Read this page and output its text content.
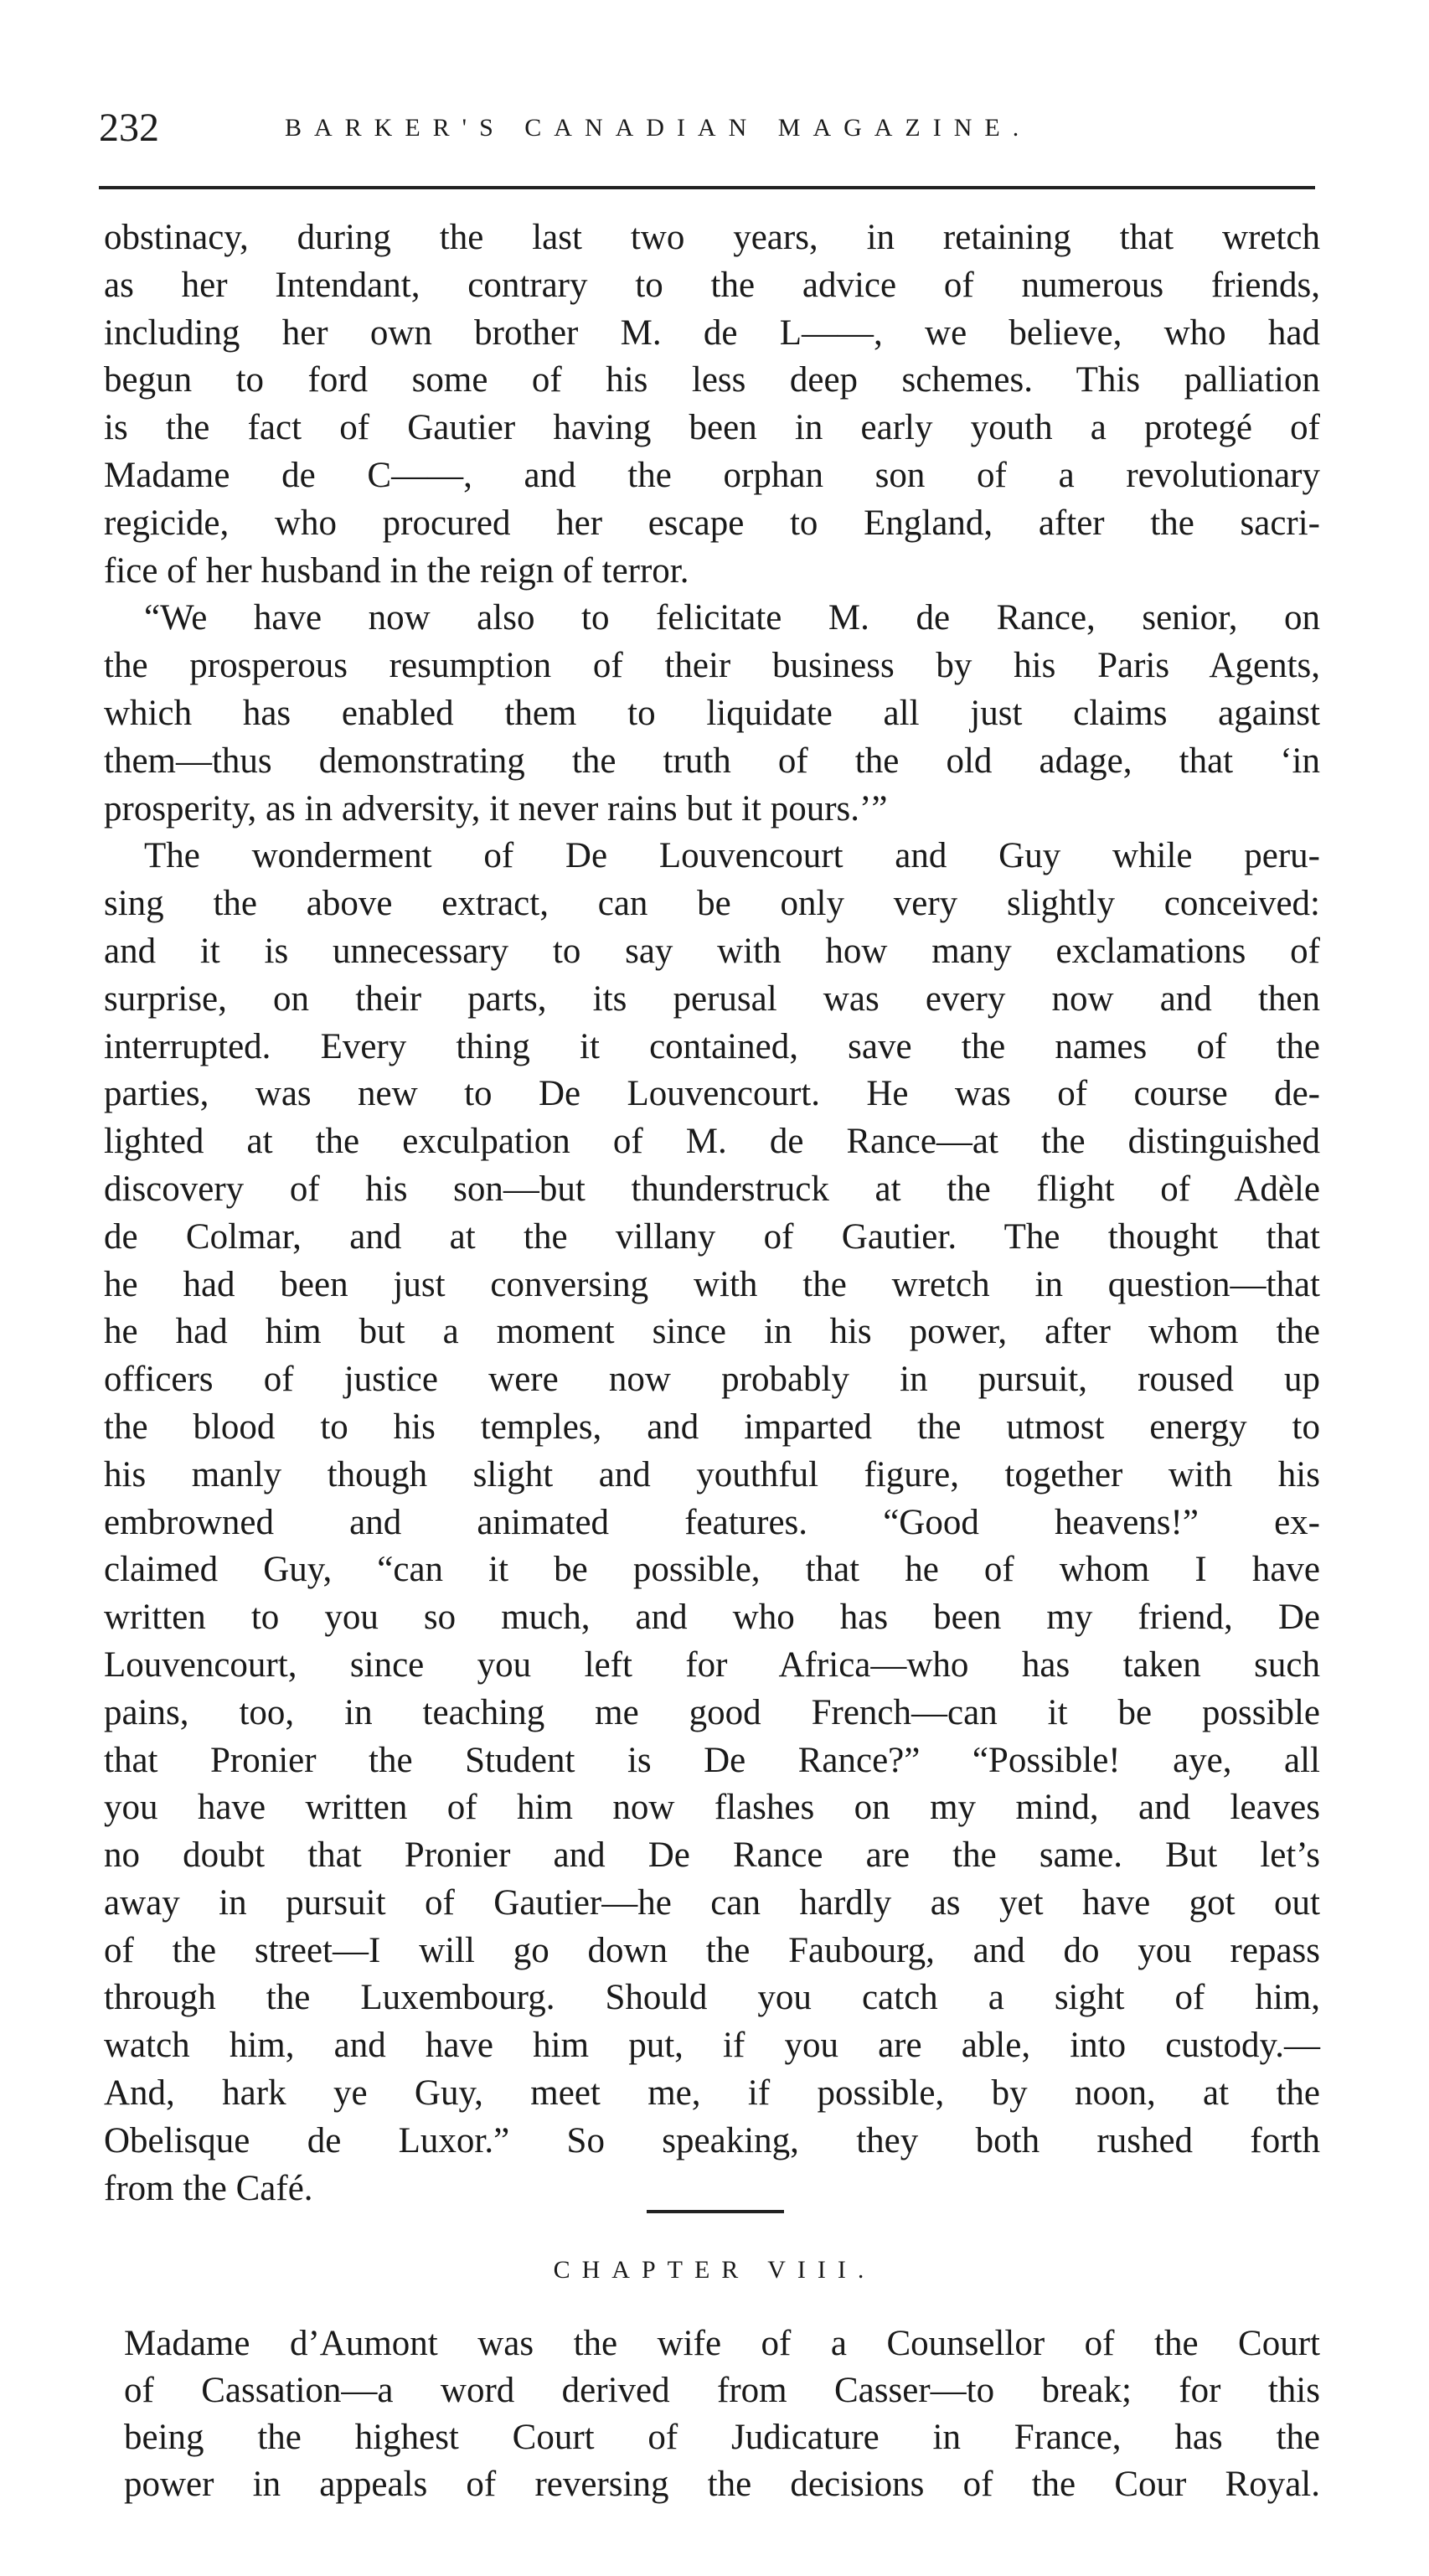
232	BARKER'S CANADIAN MAGAZINE.
obstinacy, during the last two years, in retaining that wretch
as her Intendant, contrary to the advice of numerous friends,
including her own brother M. de L——, we believe, who had
begun to ford some of his less deep schemes. This palliation
is the fact of Gautier having been in early youth a protegé of
Madame de C——, and the orphan son of a revolutionary
regicide, who procured her escape to England, after the sacri-
fice of her husband in the reign of terror.
“We have now also to felicitate M. de Rance, senior, on
the prosperous resumption of their business by his Paris Agents,
which has enabled them to liquidate all just claims against
them—thus demonstrating the truth of the old adage, that ‘in
prosperity, as in adversity, it never rains but it pours.’”
The wonderment of De Louvencourt and Guy while peru-
sing the above extract, can be only very slightly conceived:
and it is unnecessary to say with how many exclamations of
surprise, on their parts, its perusal was every now and then
interrupted. Every thing it contained, save the names of the
parties, was new to De Louvencourt. He was of course de-
lighted at the exculpation of M. de Rance—at the distinguished
discovery of his son—but thunderstruck at the flight of Adèle
de Colmar, and at the villany of Gautier. The thought that
he had been just conversing with the wretch in question—that
he had him but a moment since in his power, after whom the
officers of justice were now probably in pursuit, roused up
the blood to his temples, and imparted the utmost energy to
his manly though slight and youthful figure, together with his
embrowned and animated features. “Good heavens!” ex-
claimed Guy, “can it be possible, that he of whom I have
written to you so much, and who has been my friend, De
Louvencourt, since you left for Africa—who has taken such
pains, too, in teaching me good French—can it be possible
that Pronier the Student is De Rance?” “Possible! aye, all
you have written of him now flashes on my mind, and leaves
no doubt that Pronier and De Rance are the same. But let’s
away in pursuit of Gautier—he can hardly as yet have got out
of the street—I will go down the Faubourg, and do you repass
through the Luxembourg. Should you catch a sight of him,
watch him, and have him put, if you are able, into custody.—
And, hark ye Guy, meet me, if possible, by noon, at the
Obelisque de Luxor.” So speaking, they both rushed forth
from the Café.
CHAPTER VIII.
Madame d’Aumont was the wife of a Counsellor of the Court
of Cassation—a word derived from Casser—to break; for this
being the highest Court of Judicature in France, has the
power in appeals of reversing the decisions of the Cour Royal.
